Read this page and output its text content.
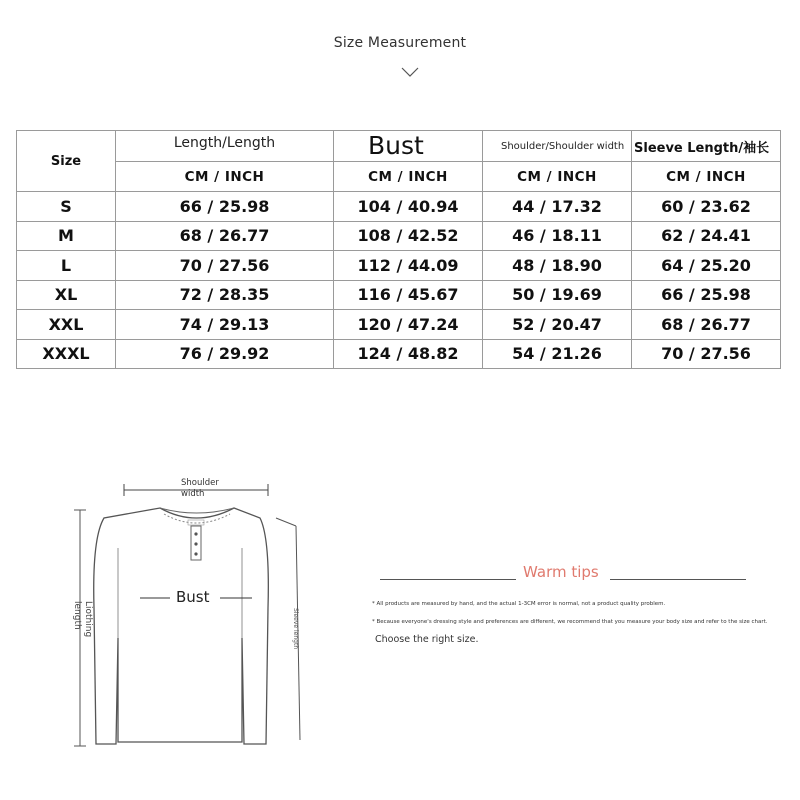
Size Measurement
Size	Length/Length	Bust	Shoulder/Shoulder width	Sleeve Length/袖长

	CM / INCH	CM / INCH	CM / INCH	CM / INCH
S	66 / 25.98	104 / 40.94	44 / 17.32	60 / 23.62
M	68 / 26.77	108 / 42.52	46 / 18.11	62 / 24.41
L	70 / 27.56	112 / 44.09	48 / 18.90	64 / 25.20
XL	72 / 28.35	116 / 45.67	50 / 19.69	66 / 25.98
XXL	74 / 29.13	120 / 47.24	52 / 20.47	68 / 26.77
XXXL	76 / 29.92	124 / 48.82	54 / 21.26	70 / 27.56
Shoulder
width
Liothing
length	Sleeve length
Bust
Warm tips
* All products are measured by hand, and the actual 1-3CM error is normal, not a product quality problem.
* Because everyone's dressing style and preferences are different, we recommend that you measure your body size and refer to the size chart.
Choose the right size.
